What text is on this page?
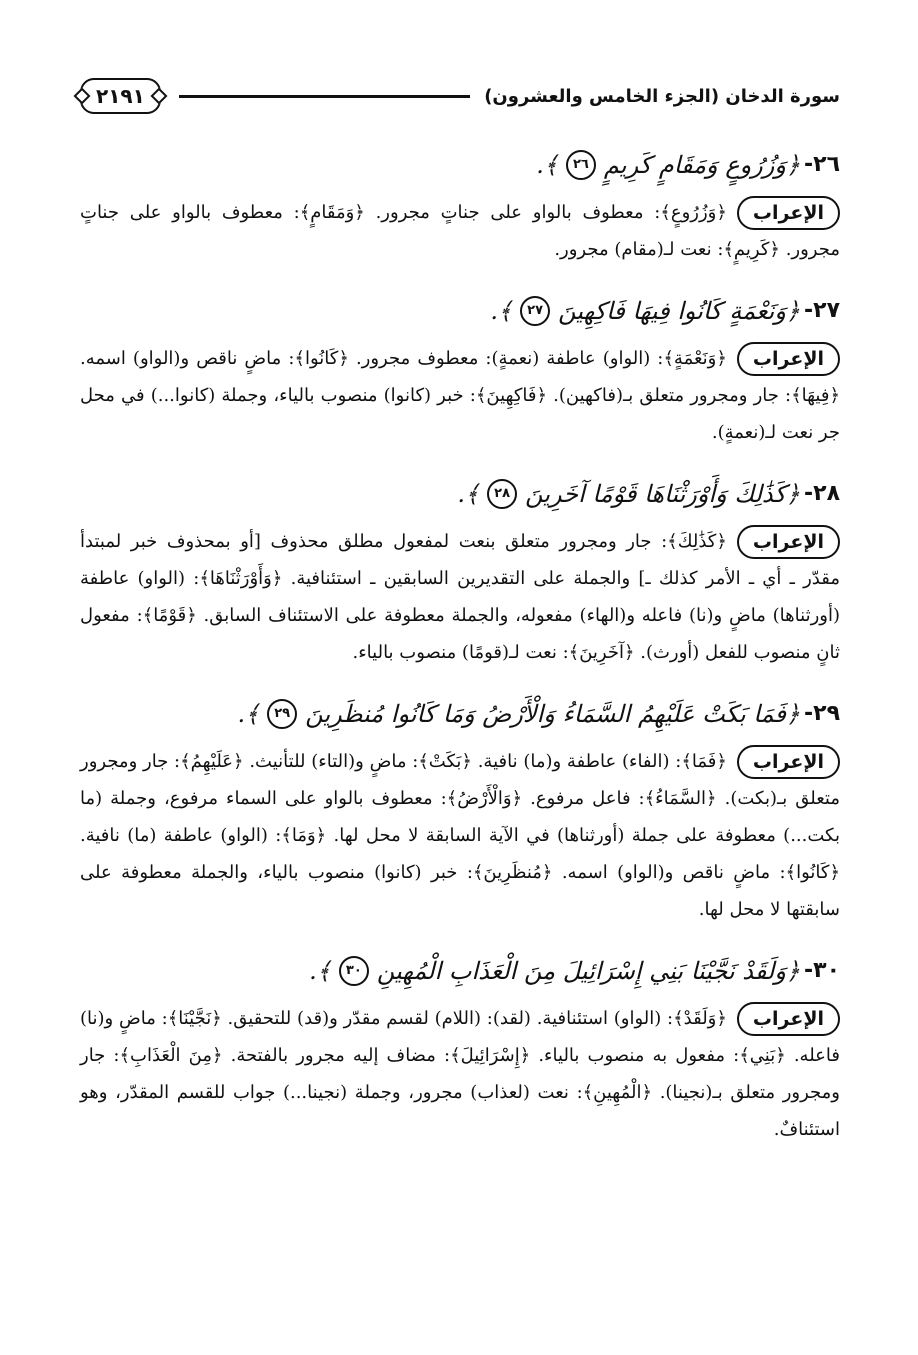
سورة الدخان (الجزء الخامس والعشرون)
٢١٩١
٢٦-
﴿وَزُرُوعٍ وَمَقَامٍ كَرِيمٍ
٢٦
﴾.
الإعراب﴿وَزُرُوعٍ﴾: معطوف بالواو على جناتٍ مجرور. ﴿وَمَقَامٍ﴾: معطوف بالواو على جناتٍ مجرور. ﴿كَرِيمٍ﴾: نعت لـ(مقام) مجرور.
٢٧-
﴿وَنَعْمَةٍ كَانُوا فِيهَا فَاكِهِينَ
٢٧
﴾.
الإعراب﴿وَنَعْمَةٍ﴾: (الواو) عاطفة (نعمةٍ): معطوف مجرور. ﴿كَانُوا﴾: ماضٍ ناقص و(الواو) اسمه. ﴿فِيهَا﴾: جار ومجرور متعلق بـ(فاكهين). ﴿فَاكِهِينَ﴾: خبر (كانوا) منصوب بالياء، وجملة (كانوا...) في محل جر نعت لـ(نعمةٍ).
٢٨-
﴿كَذَٰلِكَ وَأَوْرَثْنَاهَا قَوْمًا آخَرِينَ
٢٨
﴾.
الإعراب﴿كَذَٰلِكَ﴾: جار ومجرور متعلق بنعت لمفعول مطلق محذوف [أو بمحذوف خبر لمبتدأ مقدّر ـ أي ـ الأمر كذلك ـ] والجملة على التقديرين السابقين ـ استئنافية. ﴿وَأَوْرَثْنَاهَا﴾: (الواو) عاطفة (أورثناها) ماضٍ و(نا) فاعله و(الهاء) مفعوله، والجملة معطوفة على الاستئناف السابق. ﴿قَوْمًا﴾: مفعول ثانٍ منصوب للفعل (أورث). ﴿آخَرِينَ﴾: نعت لـ(قومًا) منصوب بالياء.
٢٩-
﴿فَمَا بَكَتْ عَلَيْهِمُ السَّمَاءُ وَالْأَرْضُ وَمَا كَانُوا مُنظَرِينَ
٢٩
﴾.
الإعراب﴿فَمَا﴾: (الفاء) عاطفة و(ما) نافية. ﴿بَكَتْ﴾: ماضٍ و(التاء) للتأنيث. ﴿عَلَيْهِمُ﴾: جار ومجرور متعلق بـ(بكت). ﴿السَّمَاءُ﴾: فاعل مرفوع. ﴿وَالْأَرْضُ﴾: معطوف بالواو على السماء مرفوع، وجملة (ما بكت...) معطوفة على جملة (أورثناها) في الآية السابقة لا محل لها. ﴿وَمَا﴾: (الواو) عاطفة (ما) نافية. ﴿كَانُوا﴾: ماضٍ ناقص و(الواو) اسمه. ﴿مُنظَرِينَ﴾: خبر (كانوا) منصوب بالياء، والجملة معطوفة على سابقتها لا محل لها.
٣٠-
﴿وَلَقَدْ نَجَّيْنَا بَنِي إِسْرَائِيلَ مِنَ الْعَذَابِ الْمُهِينِ
٣٠
﴾.
الإعراب﴿وَلَقَدْ﴾: (الواو) استئنافية. (لقد): (اللام) لقسم مقدّر و(قد) للتحقيق. ﴿نَجَّيْنَا﴾: ماضٍ و(نا) فاعله. ﴿بَنِي﴾: مفعول به منصوب بالياء. ﴿إِسْرَائِيلَ﴾: مضاف إليه مجرور بالفتحة. ﴿مِنَ الْعَذَابِ﴾: جار ومجرور متعلق بـ(نجينا). ﴿الْمُهِينِ﴾: نعت (لعذاب) مجرور، وجملة (نجينا...) جواب للقسم المقدّر، وهو استئنافٌ.
